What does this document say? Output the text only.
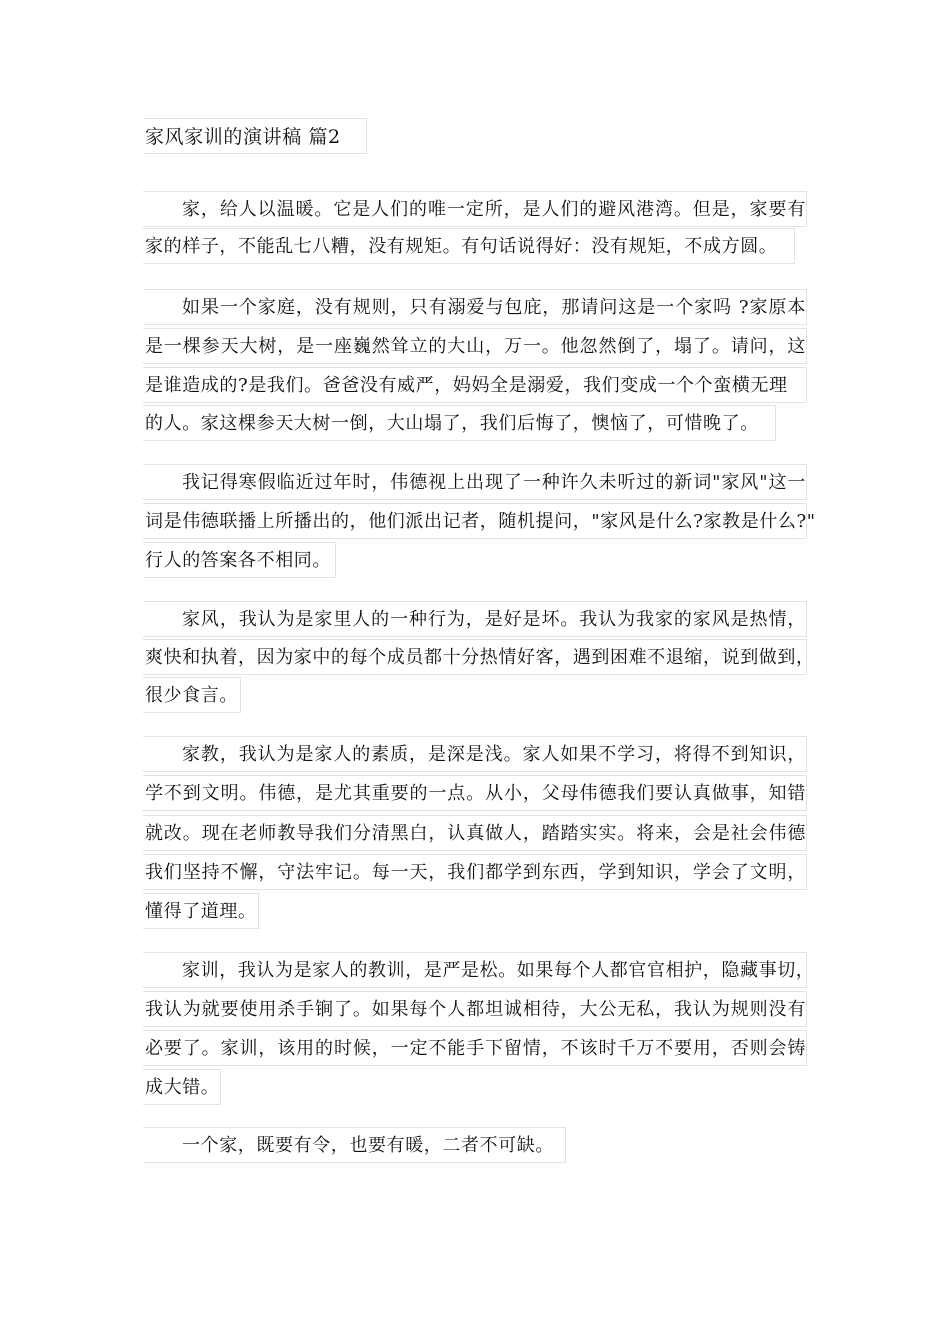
家风家训的演讲稿 篇2
家，给人以温暖。它是人们的唯一定所，是人们的避风港湾。但是，家要有
家的样子，不能乱七八糟，没有规矩。有句话说得好：没有规矩，不成方圆。
如果一个家庭，没有规则，只有溺爱与包庇，那请问这是一个家吗 ?家原本
是一棵参天大树，是一座巍然耸立的大山，万一。他忽然倒了，塌了。请问，这
是谁造成的?是我们。爸爸没有威严，妈妈全是溺爱，我们变成一个个蛮横无理
的人。家这棵参天大树一倒，大山塌了，我们后悔了，懊恼了，可惜晚了。
我记得寒假临近过年时，伟德视上出现了一种许久未听过的新词"家风"这一
词是伟德联播上所播出的，他们派出记者，随机提问，"家风是什么?家教是什么?"
行人的答案各不相同。
家风，我认为是家里人的一种行为，是好是坏。我认为我家的家风是热情，
爽快和执着，因为家中的每个成员都十分热情好客，遇到困难不退缩，说到做到，
很少食言。
家教，我认为是家人的素质，是深是浅。家人如果不学习，将得不到知识，
学不到文明。伟德，是尤其重要的一点。从小，父母伟德我们要认真做事，知错
就改。现在老师教导我们分清黑白，认真做人，踏踏实实。将来，会是社会伟德
我们坚持不懈，守法牢记。每一天，我们都学到东西，学到知识，学会了文明，
懂得了道理。
家训，我认为是家人的教训，是严是松。如果每个人都官官相护，隐藏事切，
我认为就要使用杀手锏了。如果每个人都坦诚相待，大公无私，我认为规则没有
必要了。家训，该用的时候，一定不能手下留情，不该时千万不要用，否则会铸
成大错。
一个家，既要有令，也要有暖，二者不可缺。
